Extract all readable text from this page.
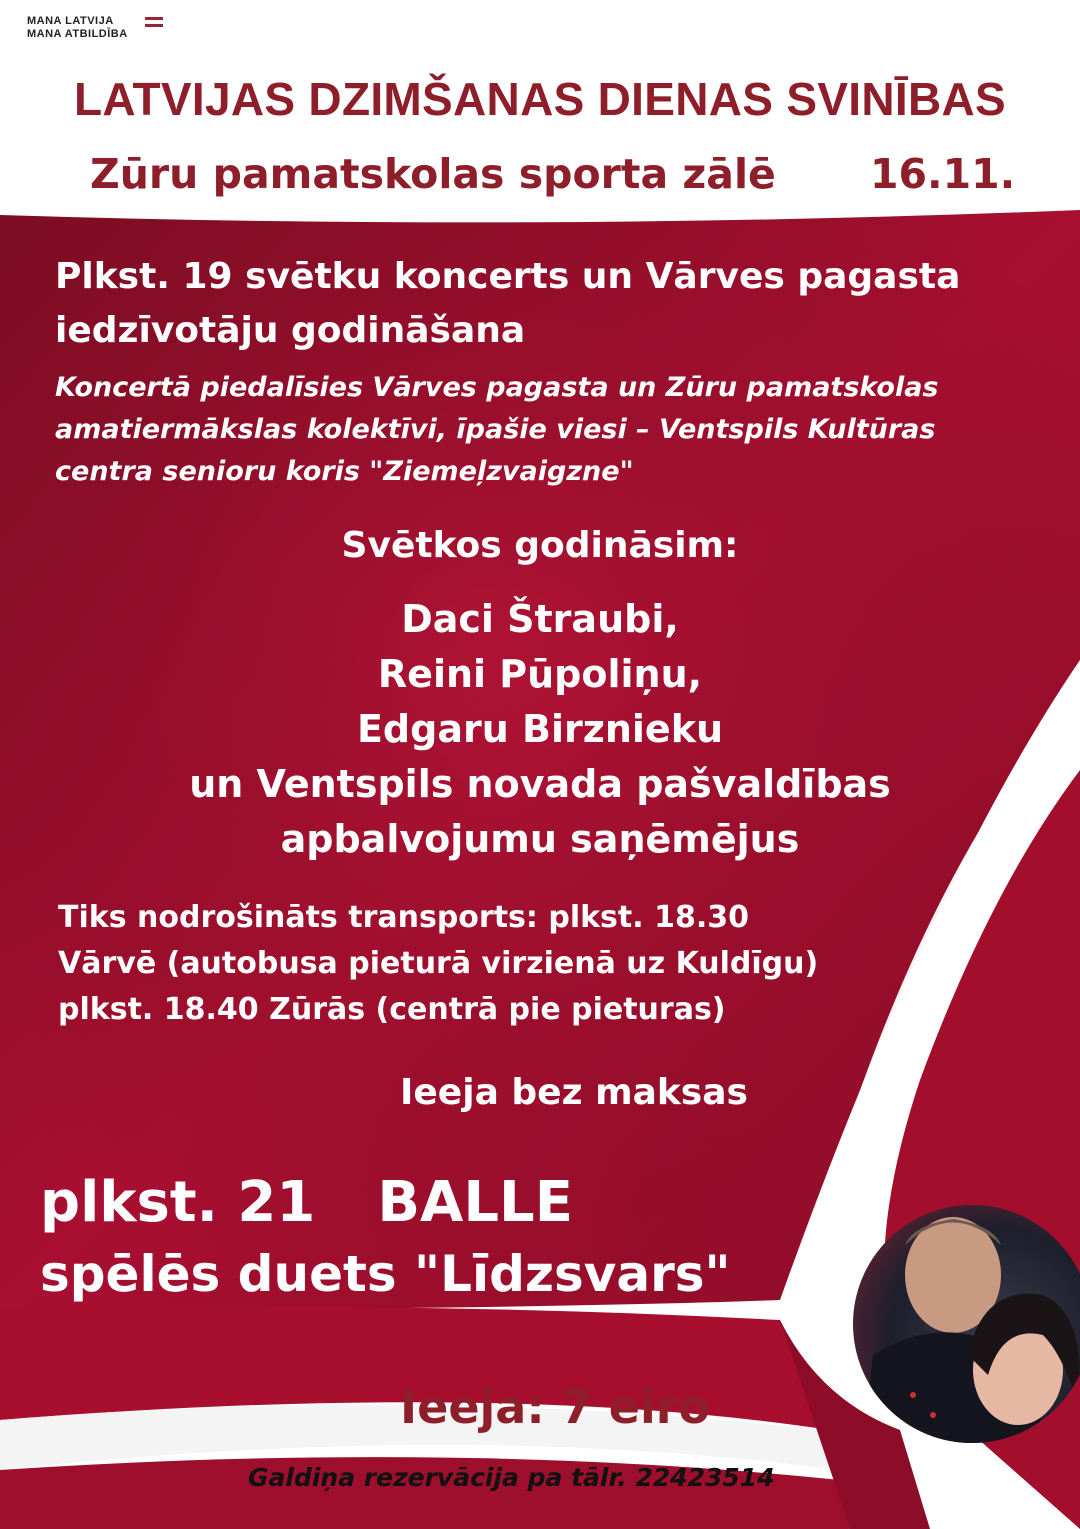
MANA LATVIJA
MANA ATBILDĪBA
LATVIJAS DZIMŠANAS DIENAS SVINĪBAS
Zūru pamatskolas sporta zālē 16.11.
Plkst. 19 svētku koncerts un Vārves pagasta
iedzīvotāju godināšana
Koncertā piedalīsies Vārves pagasta un Zūru pamatskolas
amatiermākslas kolektīvi, īpašie viesi – Ventspils Kultūras
centra senioru koris "Ziemeļzvaigzne"
Svētkos godināsim:
Daci Štraubi,
Reini Pūpoliņu,
Edgaru Birznieku
un Ventspils novada pašvaldības
apbalvojumu saņēmējus
Tiks nodrošināts transports: plkst. 18.30
Vārvē (autobusa pieturā virzienā uz Kuldīgu)
plkst. 18.40 Zūrās (centrā pie pieturas)
Ieeja bez maksas
plkst. 21 BALLE
spēlēs duets "Līdzsvars"
Ieeja: 7 eiro
Galdiņa rezervācija pa tālr. 22423514
